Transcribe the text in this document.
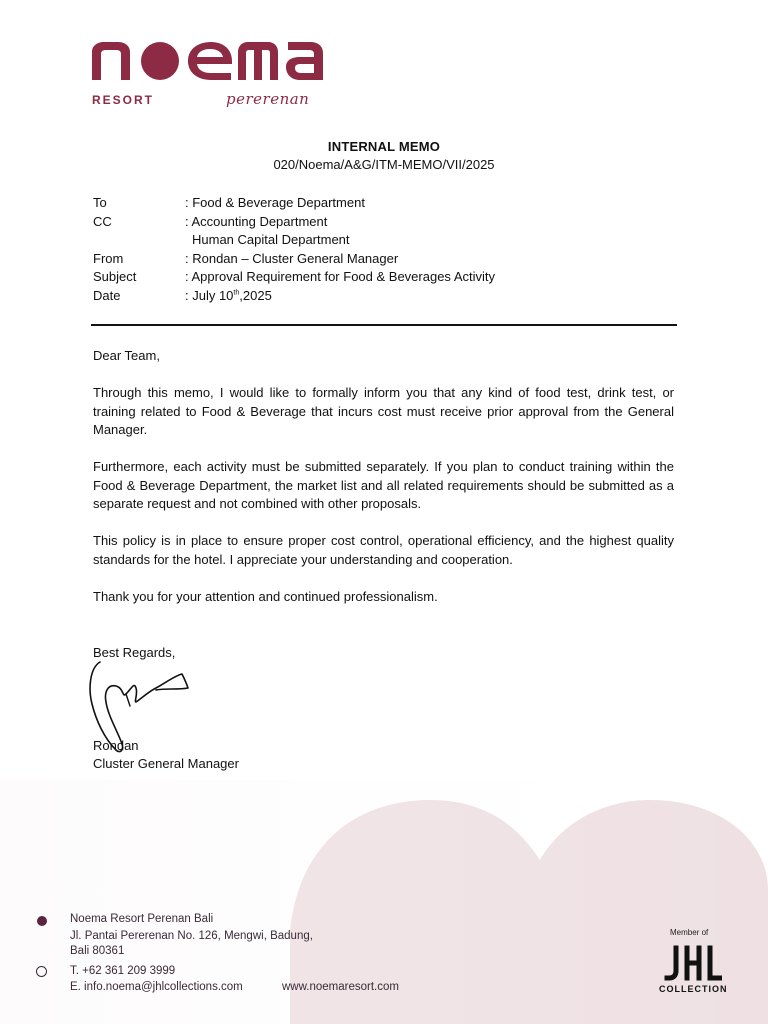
RESORT	pererenan
INTERNAL MEMO
020/Noema/A&G/ITM-MEMO/VII/2025
To	: Food & Beverage Department
CC	: Accounting Department
Human Capital Department
From	: Rondan – Cluster General Manager
Subject	: Approval Requirement for Food & Beverages Activity
Date	: July 10th,2025

Dear Team,

Through this memo, I would like to formally inform you that any kind of food test, drink test, or training related to Food & Beverage that incurs cost must receive prior approval from the General Manager.

Furthermore, each activity must be submitted separately. If you plan to conduct training within the Food & Beverage Department, the market list and all related requirements should be submitted as a separate request and not combined with other proposals.

This policy is in place to ensure proper cost control, operational efficiency, and the highest quality standards for the hotel. I appreciate your understanding and cooperation.

Thank you for your attention and continued professionalism.

Best Regards,
Rondan
Cluster General Manager
Noema Resort Perenan Bali
Jl. Pantai Pererenan No. 126, Mengwi, Badung,
Bali 80361
T. +62 361 209 3999
E. info.noema@jhlcollections.com	www.noemaresort.com
Member of
COLLECTION
